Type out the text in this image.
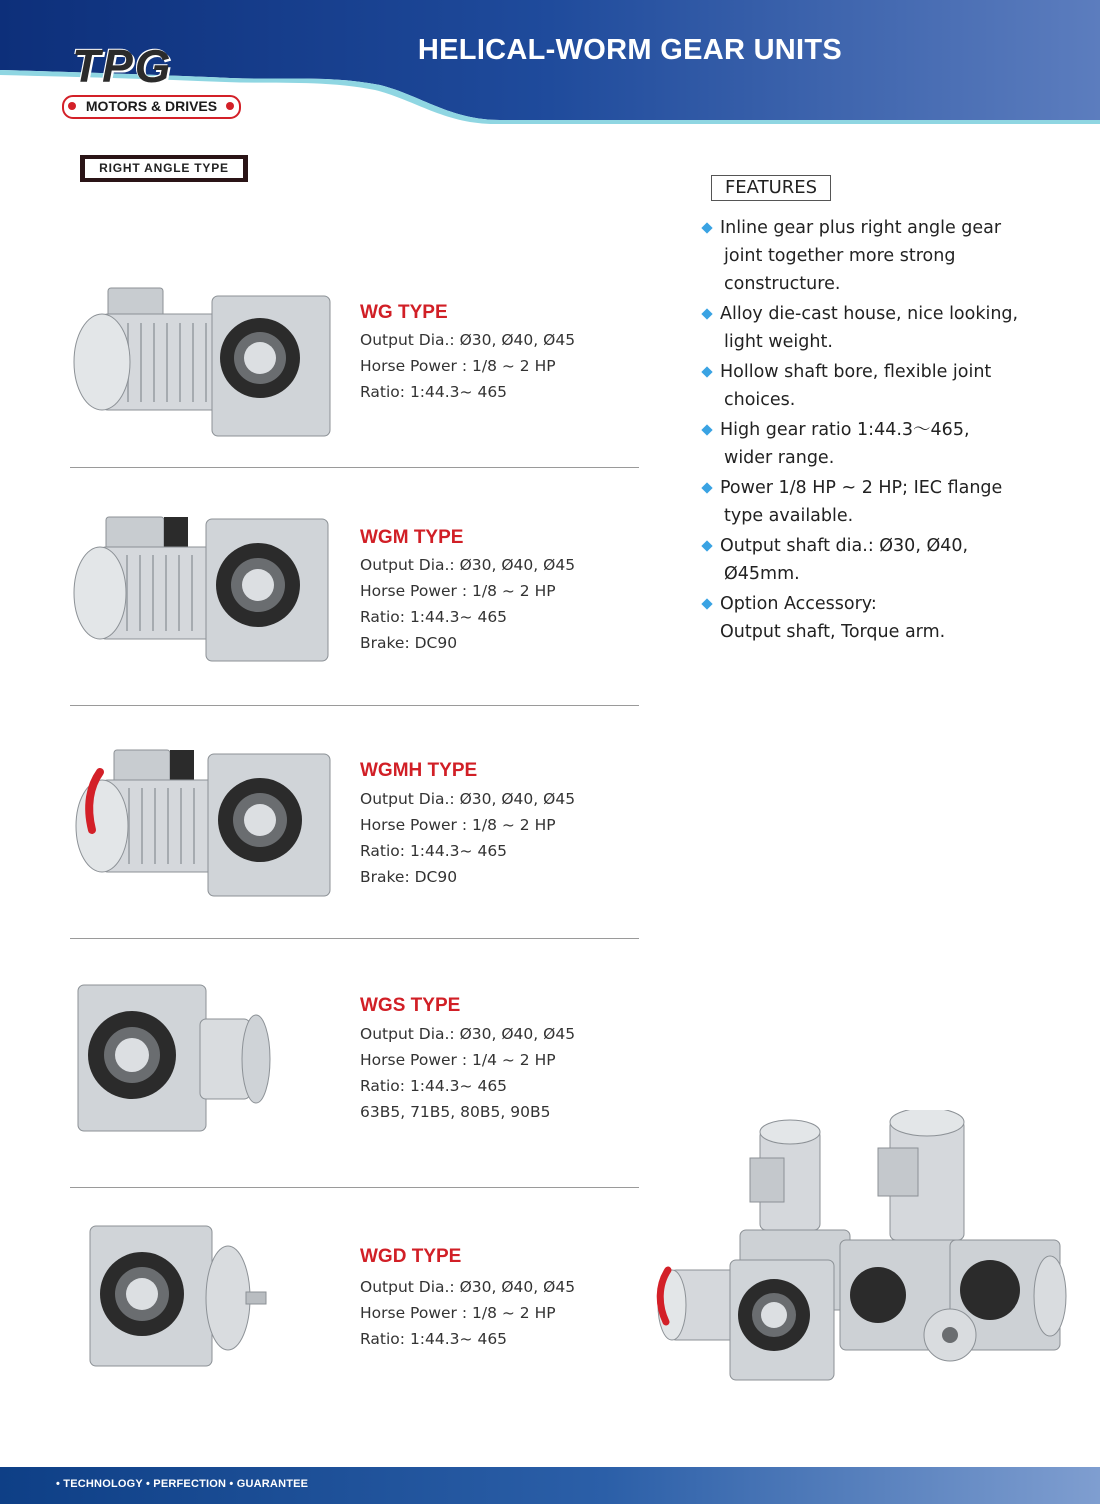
HELICAL-WORM GEAR UNITS
TPG
MOTORS & DRIVES
RIGHT ANGLE TYPE
WG TYPE
Output Dia.: Ø30, Ø40, Ø45
Horse Power : 1/8 ~ 2 HP
Ratio: 1:44.3~ 465
WGM TYPE
Output Dia.: Ø30, Ø40, Ø45
Horse Power : 1/8 ~ 2 HP
Ratio: 1:44.3~ 465
Brake: DC90
WGMH TYPE
Output Dia.: Ø30, Ø40, Ø45
Horse Power : 1/8 ~ 2 HP
Ratio: 1:44.3~ 465
Brake: DC90
WGS TYPE
Output Dia.: Ø30, Ø40, Ø45
Horse Power : 1/4 ~ 2 HP
Ratio: 1:44.3~ 465
63B5, 71B5, 80B5, 90B5
WGD TYPE
Output Dia.: Ø30, Ø40, Ø45
Horse Power : 1/8 ~ 2 HP
Ratio: 1:44.3~ 465
FEATURES
Inline gear plus right angle gear
joint together more strong
constructure.
Alloy die-cast house, nice looking,
light weight.
Hollow shaft bore, flexible joint
choices.
High gear ratio 1:44.3～465,
wider range.
Power 1/8 HP ~ 2 HP; IEC flange
type available.
Output shaft dia.: Ø30, Ø40,
Ø45mm.
Option Accessory:
Output shaft, Torque arm.
• TECHNOLOGY • PERFECTION • GUARANTEE
